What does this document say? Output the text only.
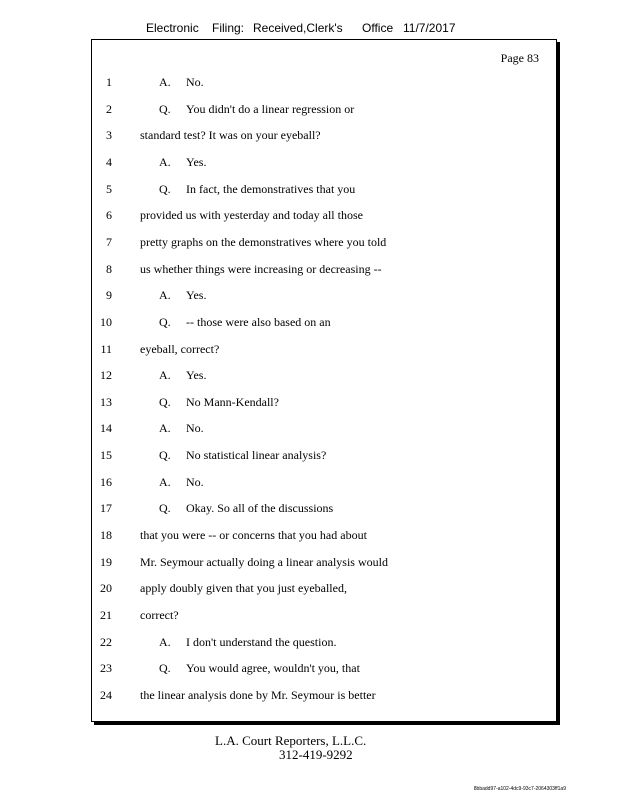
Electronic Filing: Received,Clerk's Office 11/7/2017
Page 83
1	A. No.
2	Q. You didn't do a linear regression or
3 standard test? It was on your eyeball?
4	A. Yes.
5	Q. In fact, the demonstratives that you
6 provided us with yesterday and today all those
7 pretty graphs on the demonstratives where you told
8 us whether things were increasing or decreasing --
9	A. Yes.
10	Q. -- those were also based on an
11 eyeball, correct?
12	A. Yes.
13	Q. No Mann-Kendall?
14	A. No.
15	Q. No statistical linear analysis?
16	A. No.
17	Q. Okay. So all of the discussions
18 that you were -- or concerns that you had about
19 Mr. Seymour actually doing a linear analysis would
20 apply doubly given that you just eyeballed,
21 correct?
22	A. I don't understand the question.
23	Q. You would agree, wouldn't you, that
24 the linear analysis done by Mr. Seymour is better
L.A. Court Reporters, L.L.C.
312-419-9292
8bbadd97-a102-4dc9-93c7-2064303ff1a9
